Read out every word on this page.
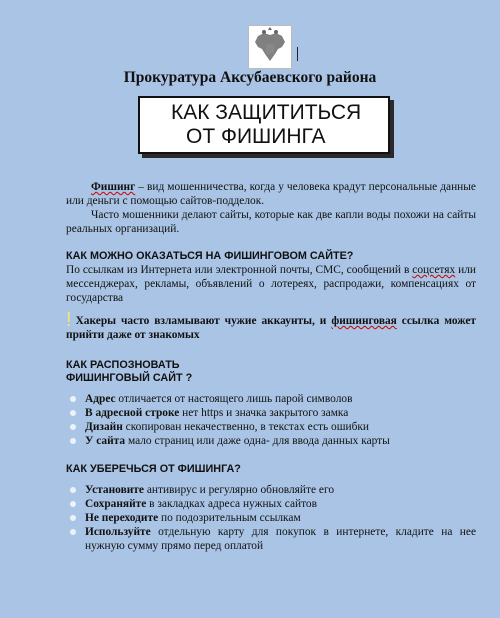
Прокуратура Аксубаевского района
КАК ЗАЩИТИТЬСЯ
ОТ ФИШИНГА
Фишинг – вид мошенничества, когда у человека крадут персональные данные или деньги с помощью сайтов-подделок.
Часто мошенники делают сайты, которые как две капли воды похожи на сайты реальных организаций.
КАК МОЖНО ОКАЗАТЬСЯ НА ФИШИНГОВОМ САЙТЕ?
По ссылкам из Интернета или электронной почты, СМС, сообщений в соцсетях или мессенджерах, рекламы, объявлений о лотереях, распродажи, компенсациях от государства
! Хакеры часто взламывают чужие аккаунты, и фишинговая ссылка может прийти даже от знакомых
КАК РАСПОЗНОВАТЬ
ФИШИНГОВЫЙ САЙТ ?
Адрес отличается от настоящего лишь парой символов
В адресной строке нет https и значка закрытого замка
Дизайн скопирован некачественно, в текстах есть ошибки
У сайта мало страниц или даже одна- для ввода данных карты
КАК УБЕРЕЧЬСЯ ОТ ФИШИНГА?
Установите антивирус и регулярно обновляйте его
Сохраняйте в закладках адреса нужных сайтов
Не переходите по подозрительным ссылкам
Используйте отдельную карту для покупок в интернете, кладите на нее нужную сумму прямо перед оплатой
